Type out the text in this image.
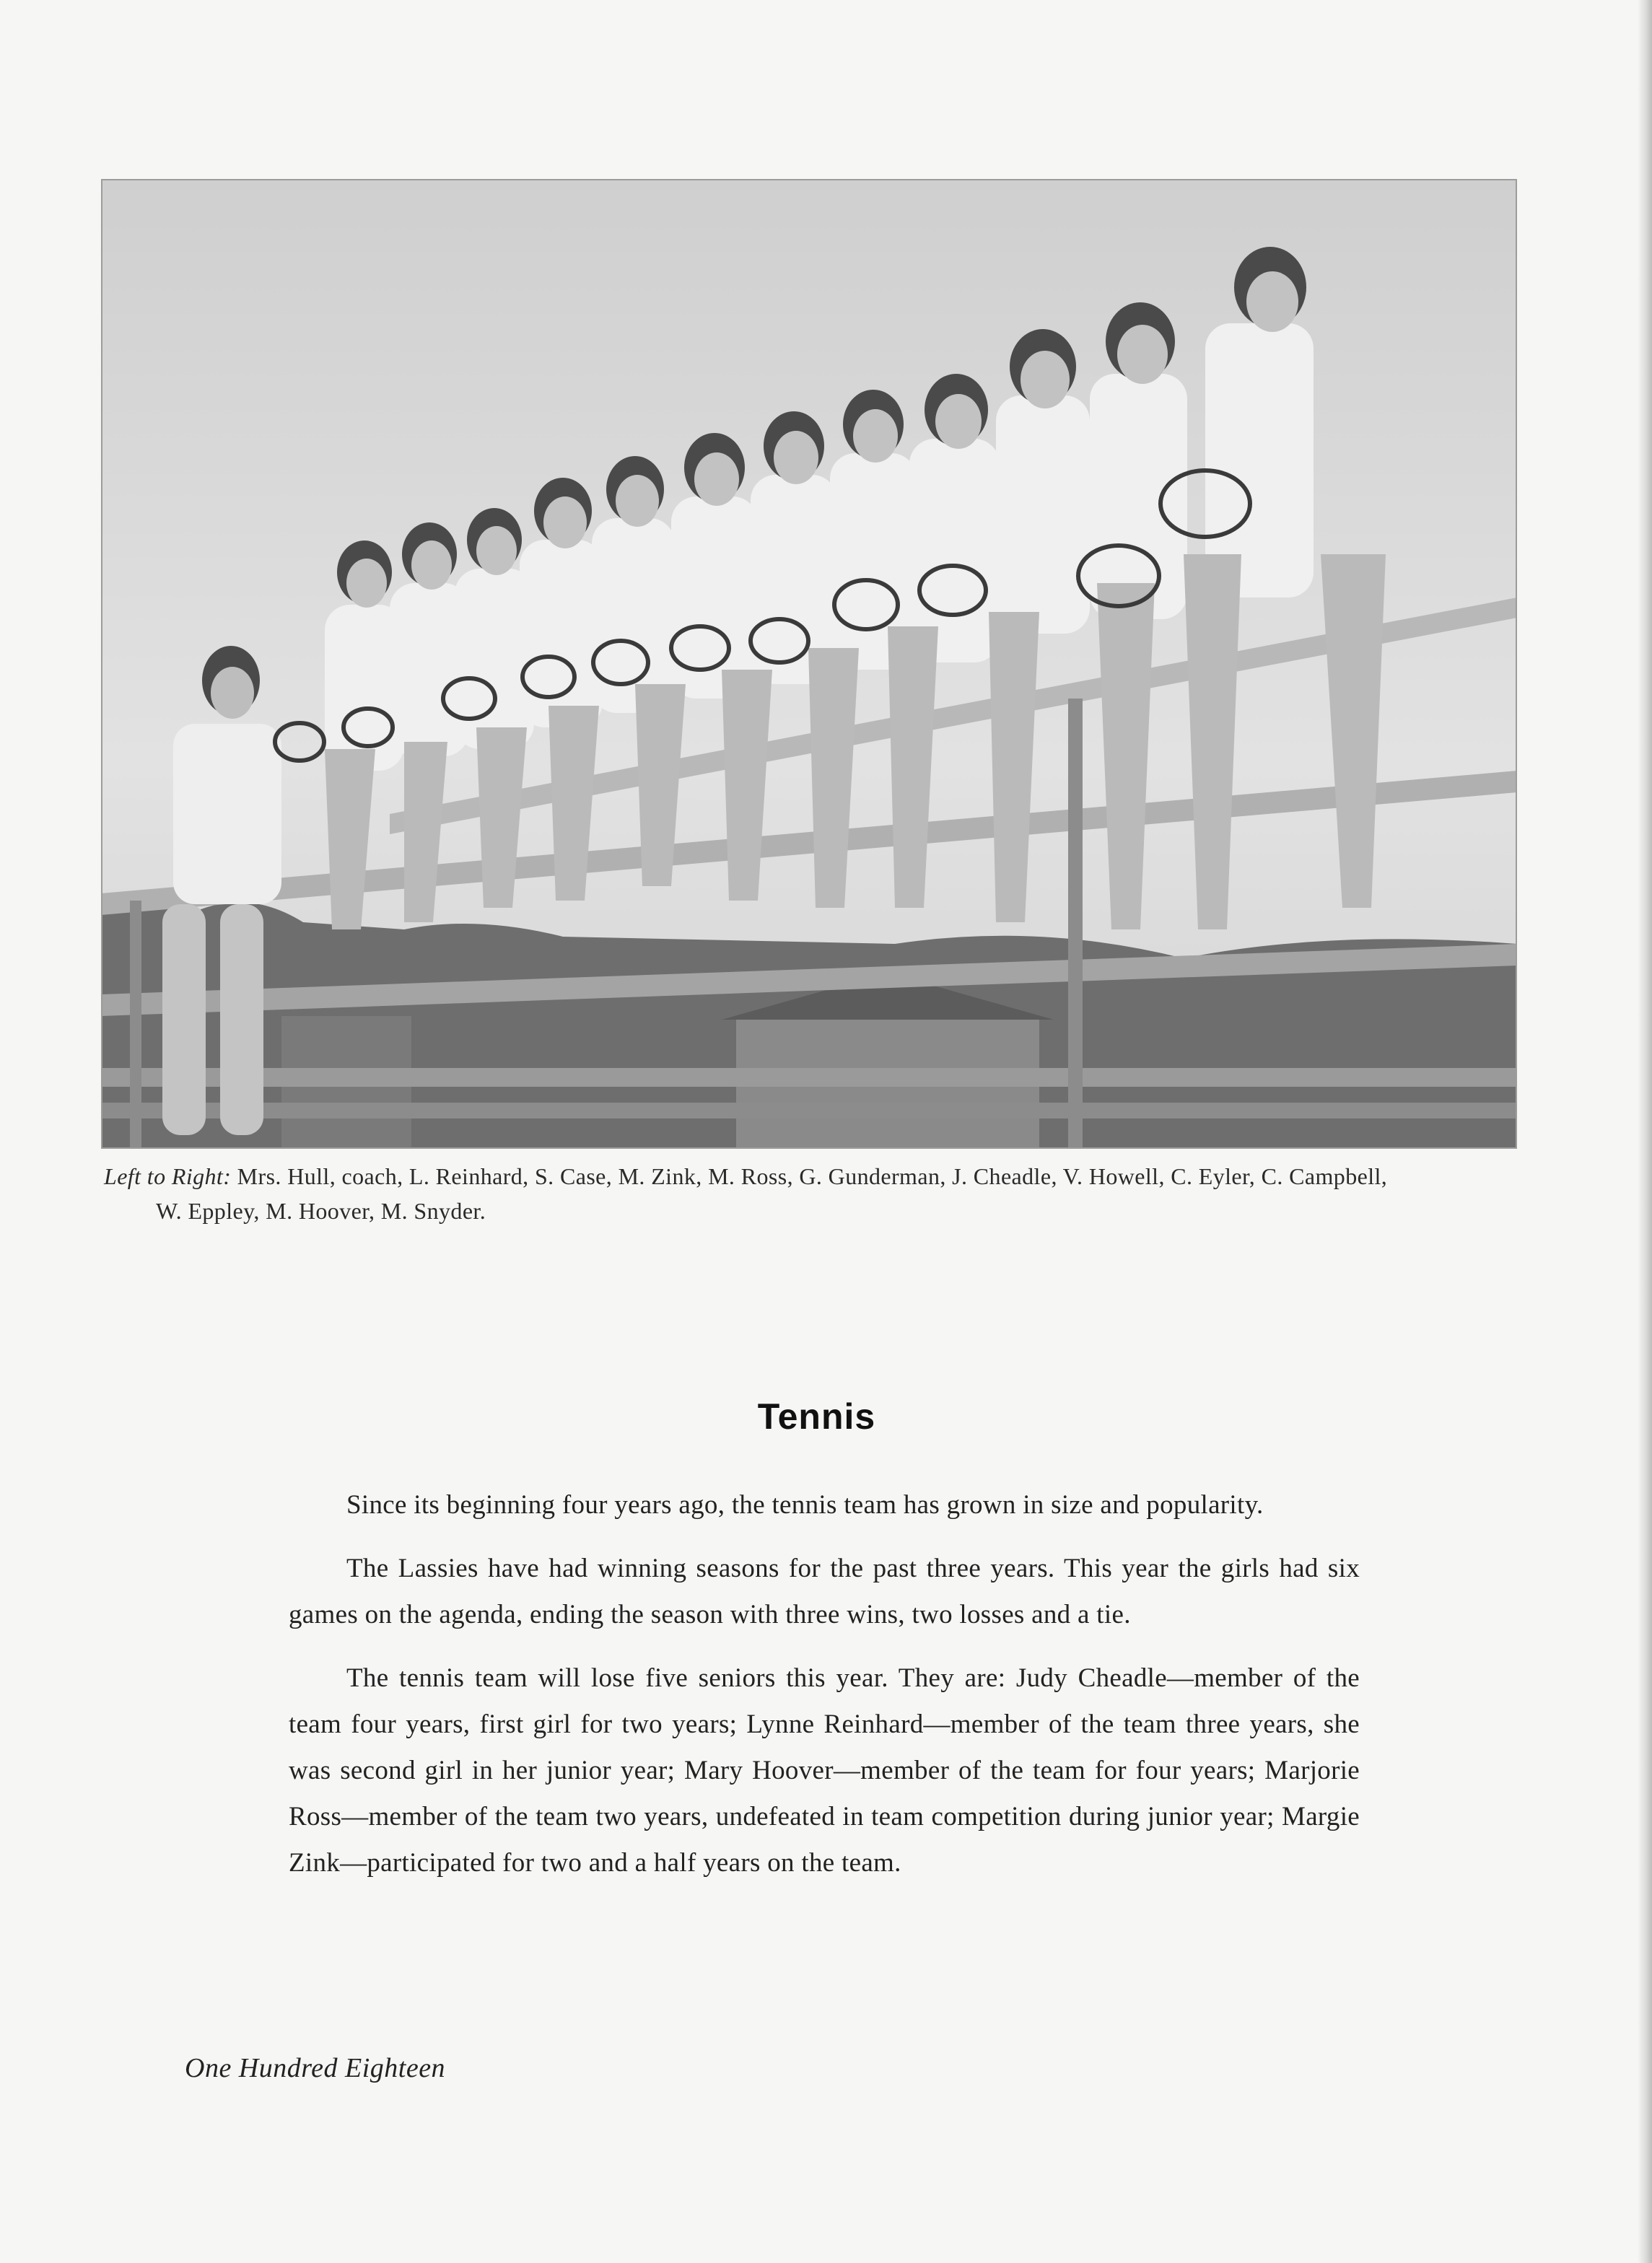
Left to Right: Mrs. Hull, coach, L. Reinhard, S. Case, M. Zink, M. Ross, G. Gunderman, J. Cheadle, V. Howell, C. Eyler, C. Campbell,
W. Eppley, M. Hoover, M. Snyder.
Tennis

Since its beginning four years ago, the tennis team has grown in size and popularity.

The Lassies have had winning seasons for the past three years. This year the girls had six games on the agenda, ending the season with three wins, two losses and a tie.

The tennis team will lose five seniors this year. They are: Judy Cheadle—member of the team four years, first girl for two years; Lynne Reinhard—member of the team three years, she was second girl in her junior year; Mary Hoover—member of the team for four years; Marjorie Ross—member of the team two years, undefeated in team competition during junior year; Margie Zink—participated for two and a half years on the team.

One Hundred Eighteen
